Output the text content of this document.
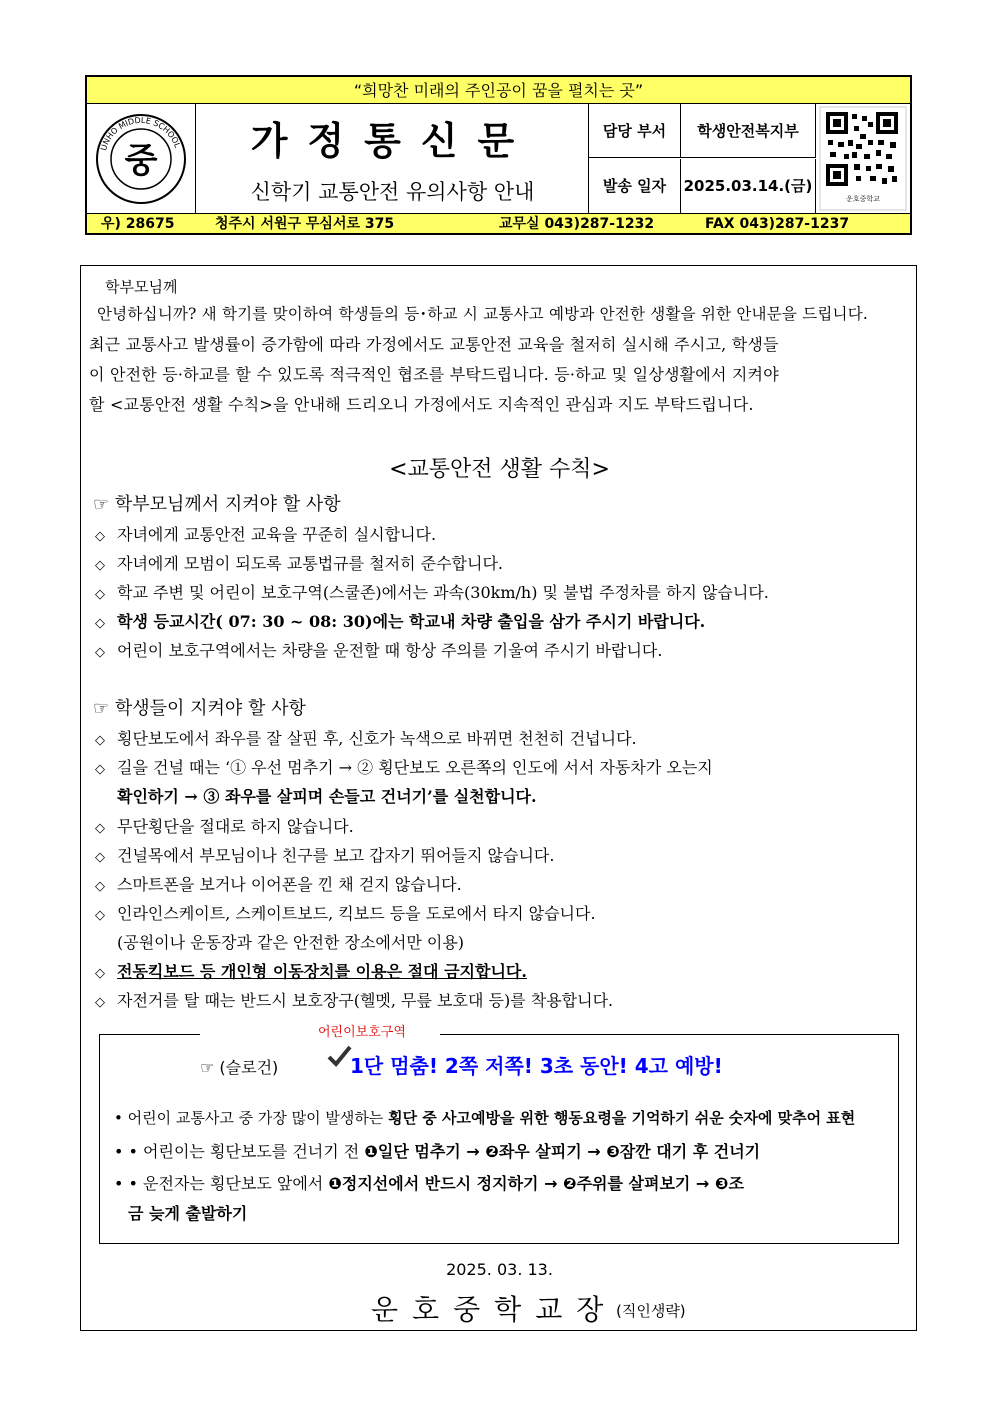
“희망찬 미래의 주인공이 꿈을 펼치는 곳”
UNHO MIDDLE SCHOOL
중	가정통신문
신학기 교통안전 유의사항 안내
담당 부서	학생안전복지부
발송 일자	2025.03.14.(금)
운호중학교
우) 28675	청주시 서원구 무심서로 375	교무실 043)287-1232	FAX 043)287-1237
학부모님께
안녕하십니까? 새 학기를 맞이하여 학생들의 등･하교 시 교통사고 예방과 안전한 생활을 위한 안내문을 드립니다.
최근 교통사고 발생률이 증가함에 따라 가정에서도 교통안전 교육을 철저히 실시해 주시고, 학생들
이 안전한 등·하교를 할 수 있도록 적극적인 협조를 부탁드립니다. 등·하교 및 일상생활에서 지켜야
할 <교통안전 생활 수칙>을 안내해 드리오니 가정에서도 지속적인 관심과 지도 부탁드립니다.
<교통안전 생활 수칙>
☞ 학부모님께서 지켜야 할 사항
◇ 자녀에게 교통안전 교육을 꾸준히 실시합니다.
◇ 자녀에게 모범이 되도록 교통법규를 철저히 준수합니다.
◇ 학교 주변 및 어린이 보호구역(스쿨존)에서는 과속(30km/h) 및 불법 주정차를 하지 않습니다.
◇ 학생 등교시간( 07: 30 ~ 08: 30)에는 학교내 차량 출입을 삼가 주시기 바랍니다.
◇ 어린이 보호구역에서는 차량을 운전할 때 항상 주의를 기울여 주시기 바랍니다.
☞ 학생들이 지켜야 할 사항
◇ 횡단보도에서 좌우를 잘 살핀 후, 신호가 녹색으로 바뀌면 천천히 건넙니다.
◇ 길을 건널 때는 ‘① 우선 멈추기 → ② 횡단보도 오른쪽의 인도에 서서 자동차가 오는지
확인하기 → ③ 좌우를 살피며 손들고 건너기’를 실천합니다.
◇ 무단횡단을 절대로 하지 않습니다.
◇ 건널목에서 부모님이나 친구를 보고 갑자기 뛰어들지 않습니다.
◇ 스마트폰을 보거나 이어폰을 낀 채 걷지 않습니다.
◇ 인라인스케이트, 스케이트보드, 킥보드 등을 도로에서 타지 않습니다.
(공원이나 운동장과 같은 안전한 장소에서만 이용)
◇ 전동킥보드 등 개인형 이동장치를 이용은 절대 금지합니다.
◇ 자전거를 탈 때는 반드시 보호장구(헬멧, 무릎 보호대 등)를 착용합니다.
어린이보호구역
☞ (슬로건)	1단 멈춤! 2쪽 저쪽! 3초 동안! 4고 예방!
• 어린이 교통사고 중 가장 많이 발생하는 횡단 중 사고예방을 위한 행동요령을 기억하기 쉬운 숫자에 맞추어 표현
• • 어린이는 횡단보도를 건너기 전 ❶일단 멈추기 → ❷좌우 살피기 → ❸잠깐 대기 후 건너기
• • 운전자는 횡단보도 앞에서 ❶정지선에서 반드시 정지하기 → ❷주위를 살펴보기 → ❸조
금 늦게 출발하기
2025. 03. 13.
운호중학교장
(직인생략)
